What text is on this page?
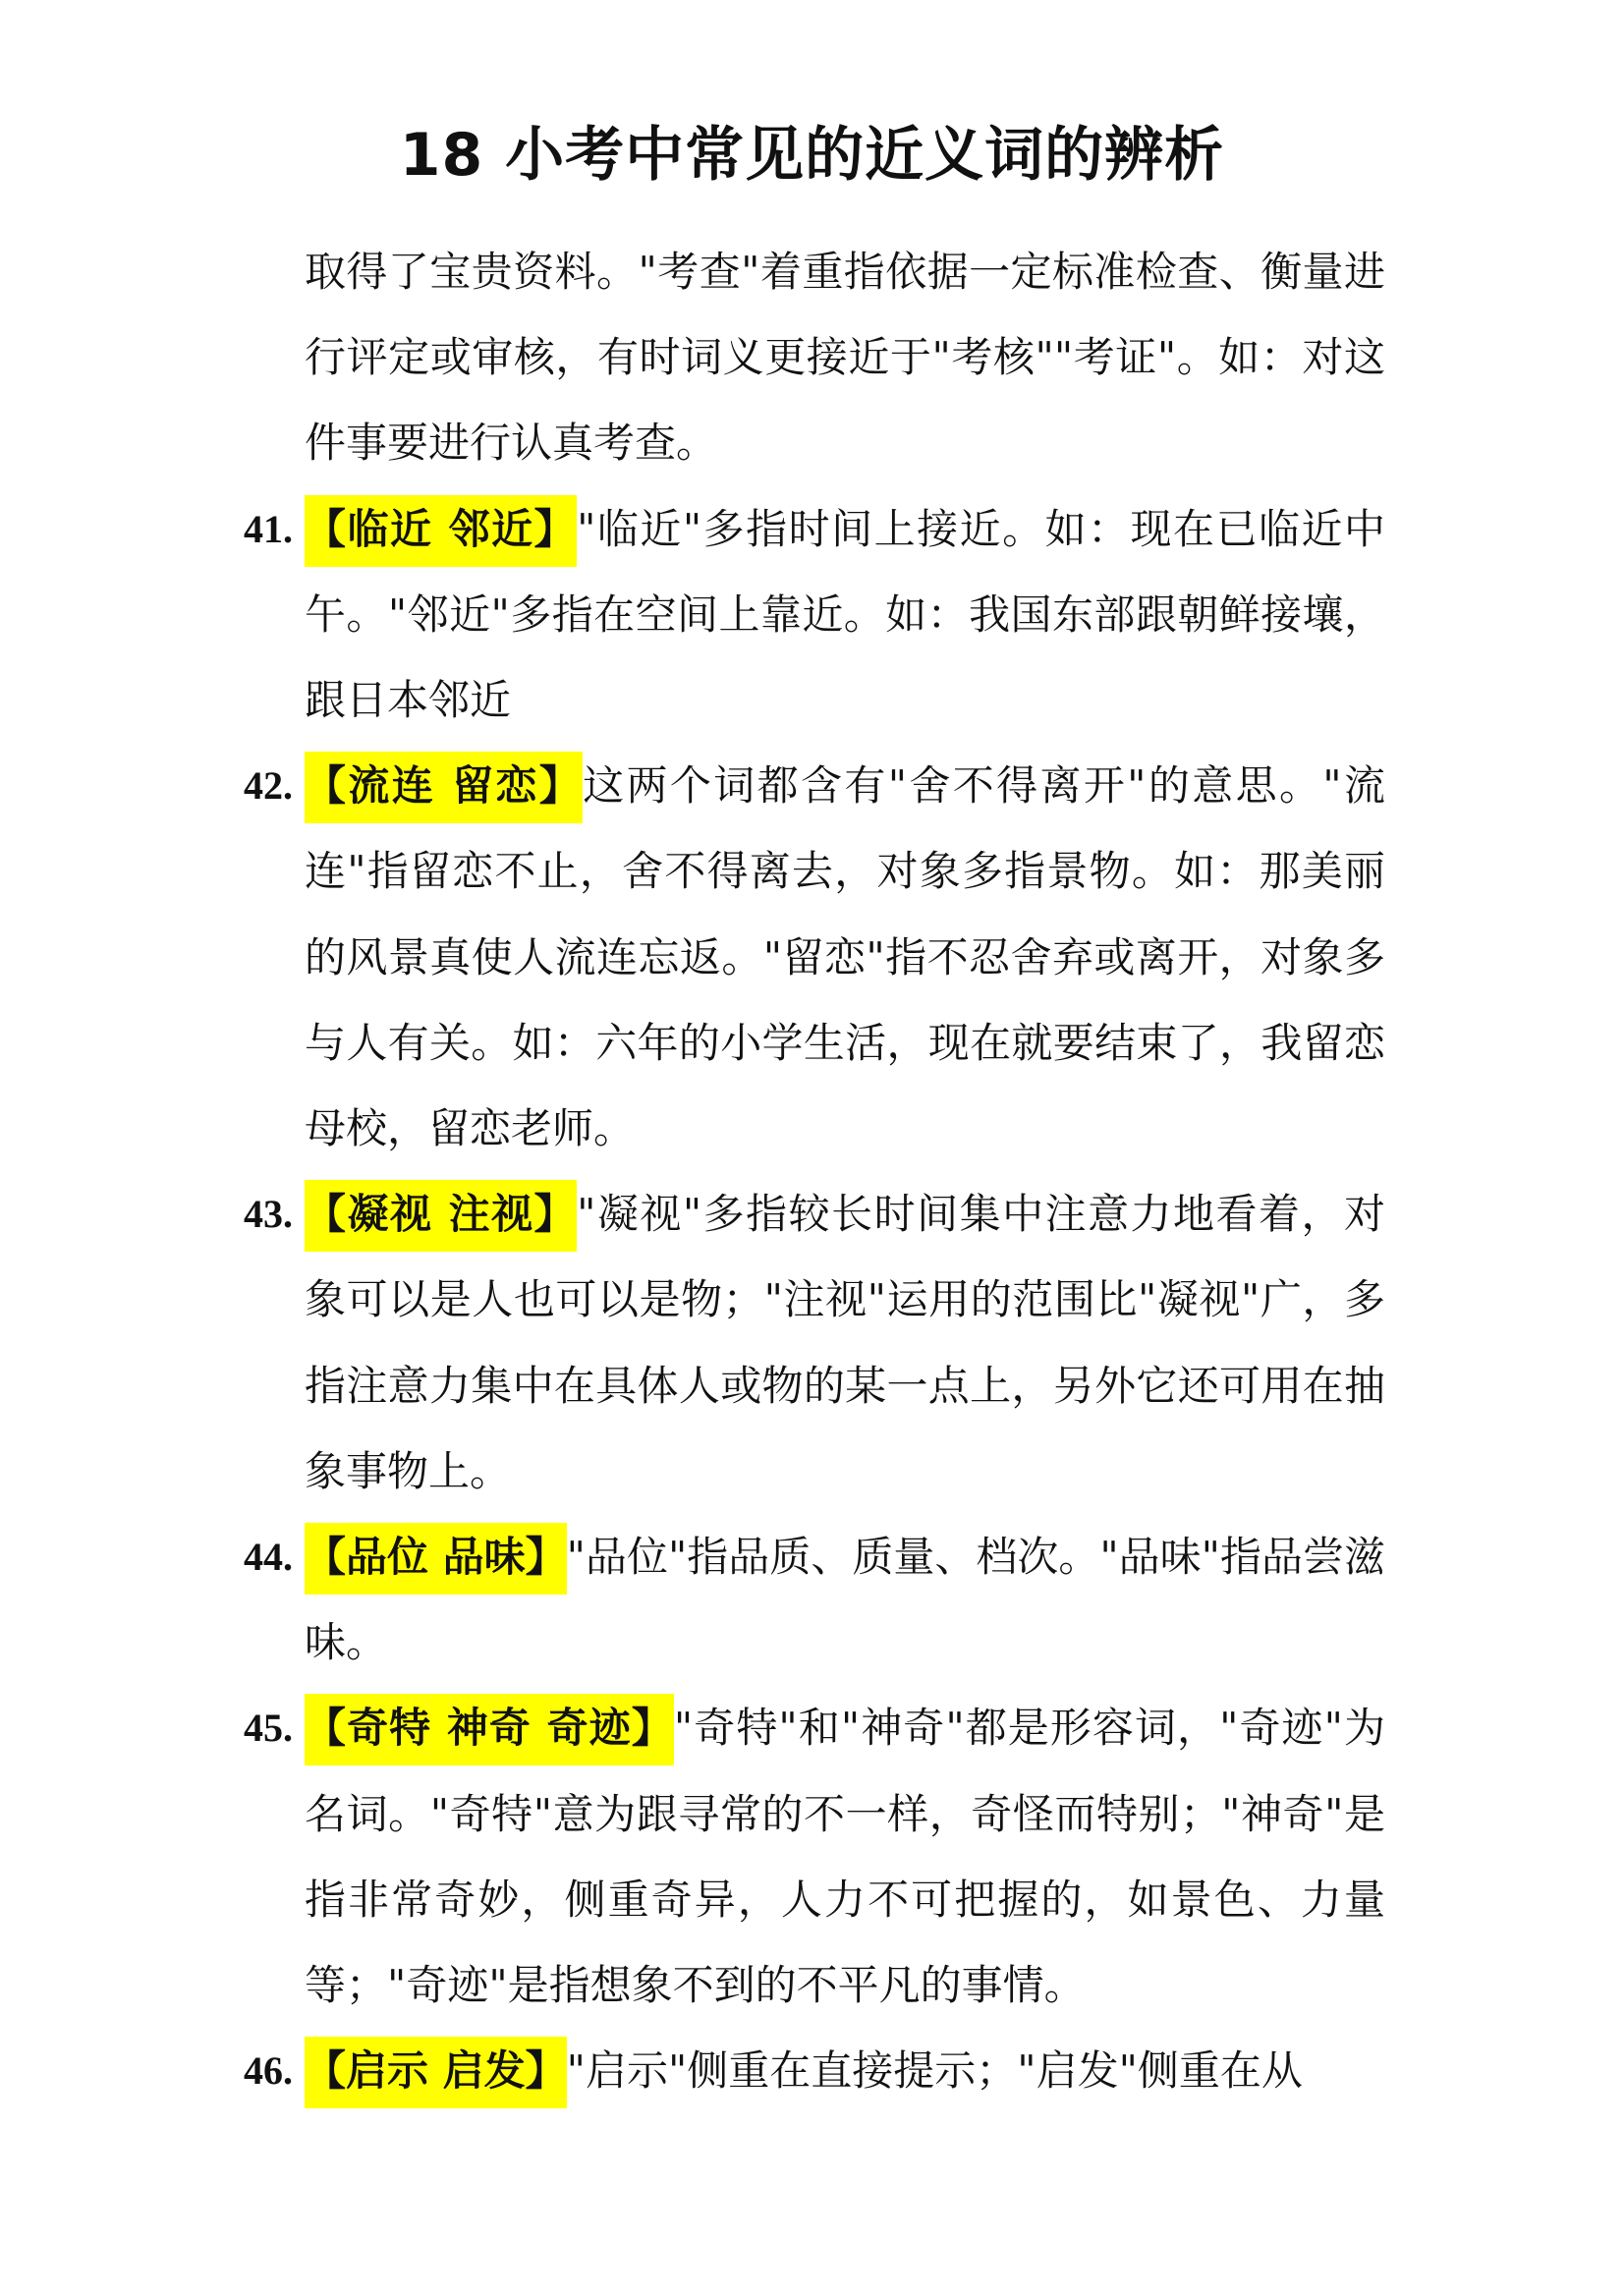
18 小考中常见的近义词的辨析
取得了宝贵资料。"考查"着重指依据一定标准检查、衡量进行评定或审核，有时词义更接近于"考核""考证"。如：对这件事要进行认真考查。
41. 【临近 邻近】"临近"多指时间上接近。如：现在已临近中午。"邻近"多指在空间上靠近。如：我国东部跟朝鲜接壤，跟日本邻近
42. 【流连 留恋】这两个词都含有"舍不得离开"的意思。"流连"指留恋不止，舍不得离去，对象多指景物。如：那美丽的风景真使人流连忘返。"留恋"指不忍舍弃或离开，对象多与人有关。如：六年的小学生活，现在就要结束了，我留恋母校，留恋老师。
43. 【凝视 注视】"凝视"多指较长时间集中注意力地看着，对象可以是人也可以是物；"注视"运用的范围比"凝视"广，多指注意力集中在具体人或物的某一点上，另外它还可用在抽象事物上。
44. 【品位 品味】"品位"指品质、质量、档次。"品味"指品尝滋味。
45. 【奇特 神奇 奇迹】"奇特"和"神奇"都是形容词，"奇迹"为名词。"奇特"意为跟寻常的不一样，奇怪而特别；"神奇"是指非常奇妙，侧重奇异，人力不可把握的，如景色、力量等；"奇迹"是指想象不到的不平凡的事情。
46. 【启示 启发】"启示"侧重在直接提示；"启发"侧重在从
